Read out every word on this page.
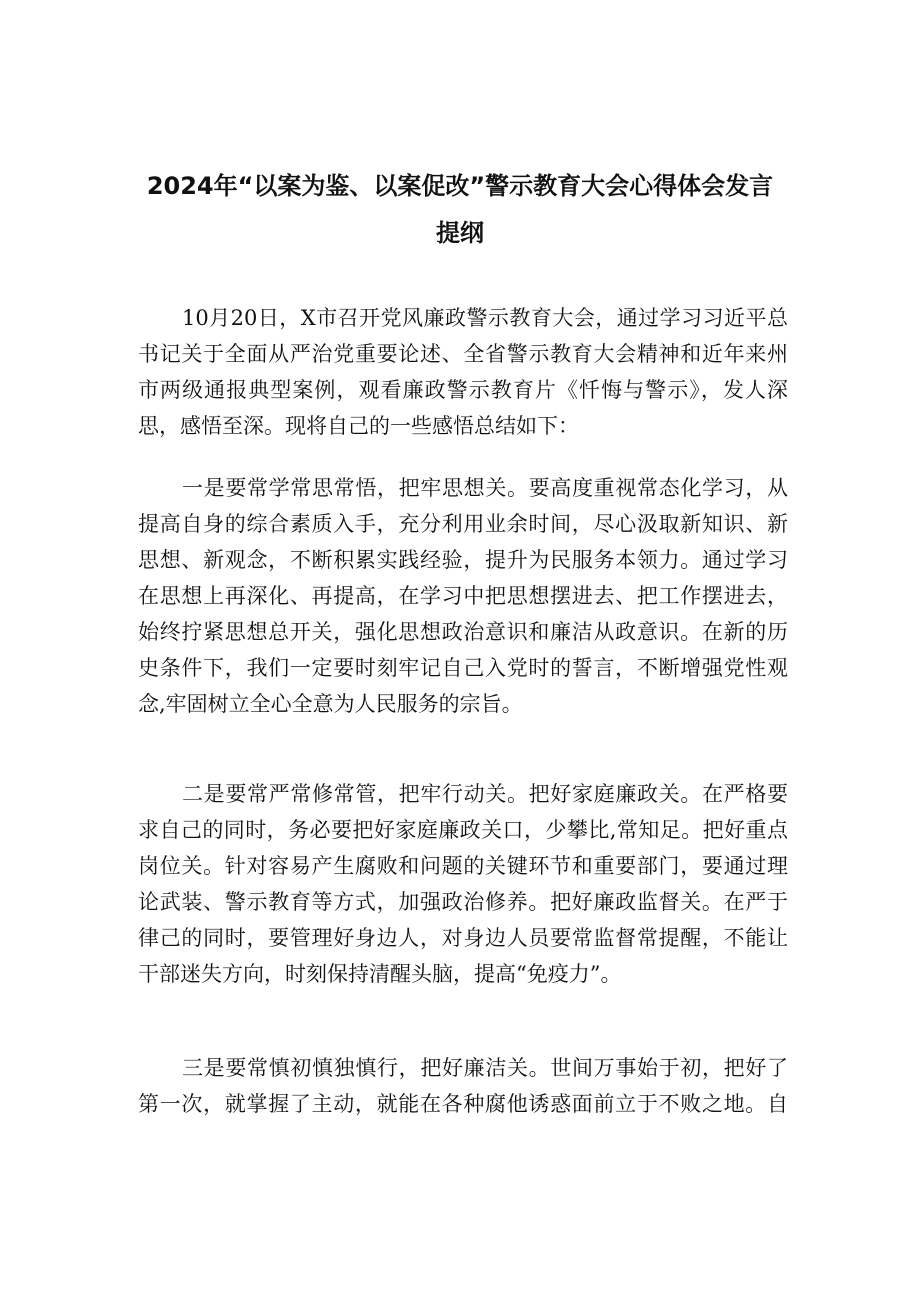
2024年“以案为鉴、以案促改”警示教育大会心得体会发言
提纲
10月20日，X市召开党风廉政警示教育大会，通过学习习近平总
书记关于全面从严治党重要论述、全省警示教育大会精神和近年来州
市两级通报典型案例，观看廉政警示教育片《忏悔与警示》，发人深
思，感悟至深。现将自己的一些感悟总结如下：
一是要常学常思常悟，把牢思想关。要高度重视常态化学习，从
提高自身的综合素质入手，充分利用业余时间，尽心汲取新知识、新
思想、新观念，不断积累实践经验，提升为民服务本领力。通过学习
在思想上再深化、再提高，在学习中把思想摆进去、把工作摆进去，
始终拧紧思想总开关，强化思想政治意识和廉洁从政意识。在新的历
史条件下，我们一定要时刻牢记自己入党时的誓言，不断增强党性观
念,牢固树立全心全意为人民服务的宗旨。
二是要常严常修常管，把牢行动关。把好家庭廉政关。在严格要
求自己的同时，务必要把好家庭廉政关口，少攀比,常知足。把好重点
岗位关。针对容易产生腐败和问题的关键环节和重要部门，要通过理
论武装、警示教育等方式，加强政治修养。把好廉政监督关。在严于
律己的同时，要管理好身边人，对身边人员要常监督常提醒，不能让
干部迷失方向，时刻保持清醒头脑，提高“免疫力”。
三是要常慎初慎独慎行，把好廉洁关。世间万事始于初，把好了
第一次，就掌握了主动，就能在各种腐他诱惑面前立于不败之地。自
